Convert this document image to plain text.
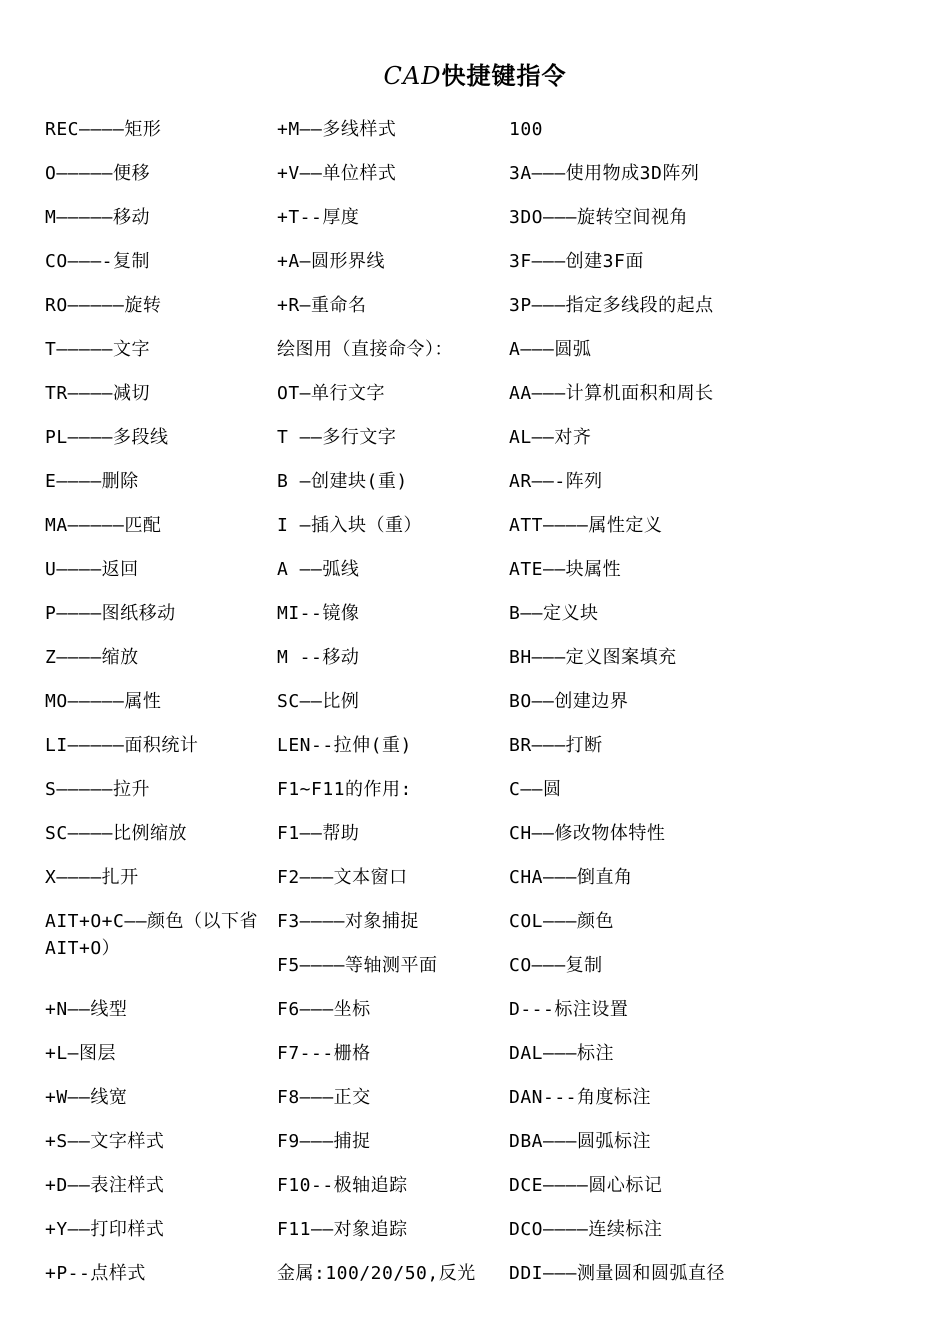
CAD快捷键指令
REC————矩形
O—————便移
M—————移动
CO———-复制
RO—————旋转
T—————文字
TR————减切
PL————多段线
E————删除
MA—————匹配
U————返回
P————图纸移动
Z————缩放
MO—————属性
LI—————面积统计
S—————拉升
SC————比例缩放
X————扎开
AIT+O+C——颜色（以下省AIT+O）
+N——线型
+L—图层
+W——线宽
+S——文字样式
+D——表注样式
+Y——打印样式
+P--点样式
+M——多线样式
+V——单位样式
+T--厚度
+A—圆形界线
+R—重命名
绘图用（直接命令）：
OT—单行文字
T ——多行文字
B —创建块(重)
I —插入块（重）
A ——弧线
MI--镜像
M --移动
SC——比例
LEN--拉伸(重)
F1~F11的作用:
F1——帮助
F2———文本窗口
F3————对象捕捉
F5————等轴测平面
F6———坐标
F7---栅格
F8———正交
F9———捕捉
F10--极轴追踪
F11——对象追踪
金属:100/20/50,反光
100
3A———使用物成3D阵列
3DO———旋转空间视角
3F———创建3F面
3P———指定多线段的起点
A———圆弧
AA———计算机面积和周长
AL——对齐
AR——-阵列
ATT————属性定义
ATE——块属性
B——定义块
BH———定义图案填充
BO——创建边界
BR———打断
C——圆
CH——修改物体特性
CHA———倒直角
COL———颜色
CO———复制
D---标注设置
DAL———标注
DAN---角度标注
DBA———圆弧标注
DCE————圆心标记
DCO————连续标注
DDI———测量圆和圆弧直径
